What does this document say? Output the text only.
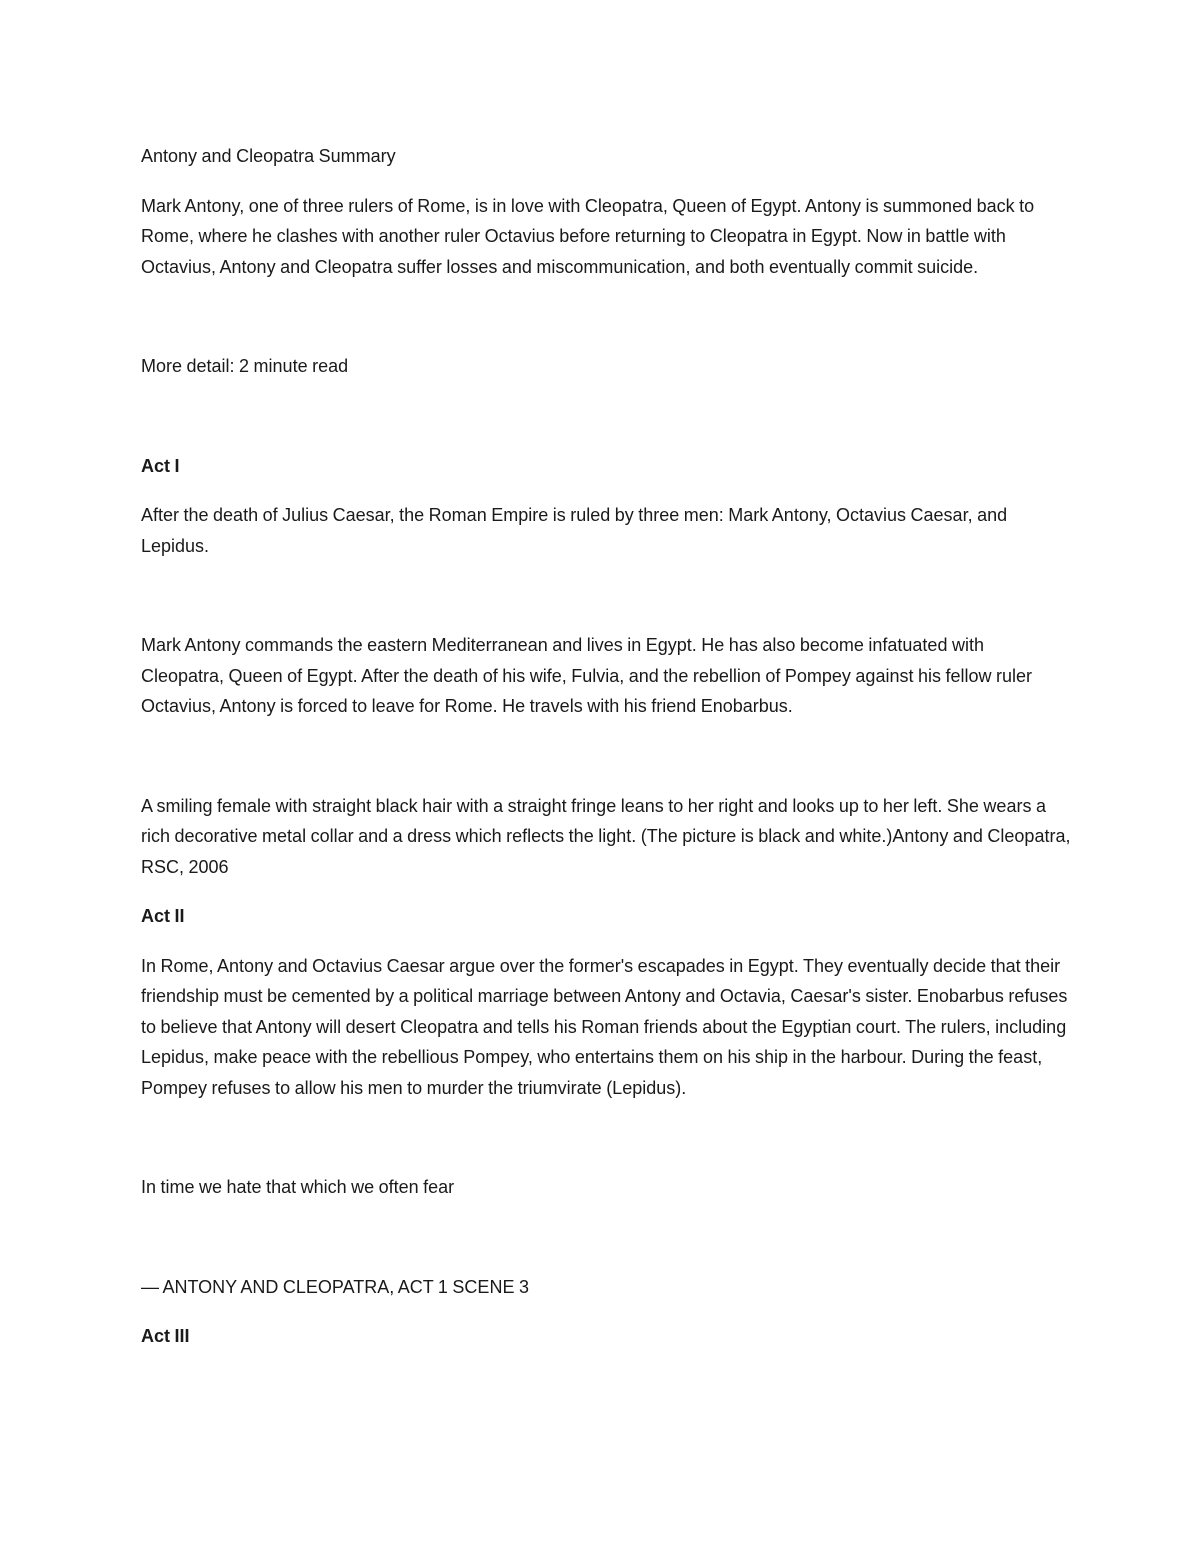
Antony and Cleopatra Summary

Mark Antony, one of three rulers of Rome, is in love with Cleopatra, Queen of Egypt. Antony is summoned back to Rome, where he clashes with another ruler Octavius before returning to Cleopatra in Egypt. Now in battle with Octavius, Antony and Cleopatra suffer losses and miscommunication, and both eventually commit suicide.

More detail: 2 minute read

Act I

After the death of Julius Caesar, the Roman Empire is ruled by three men: Mark Antony, Octavius Caesar, and Lepidus.

Mark Antony commands the eastern Mediterranean and lives in Egypt. He has also become infatuated with Cleopatra, Queen of Egypt. After the death of his wife, Fulvia, and the rebellion of Pompey against his fellow ruler Octavius, Antony is forced to leave for Rome. He travels with his friend Enobarbus.

A smiling female with straight black hair with a straight fringe leans to her right and looks up to her left. She wears a rich decorative metal collar and a dress which reflects the light. (The picture is black and white.)Antony and Cleopatra, RSC, 2006

Act II

In Rome, Antony and Octavius Caesar argue over the former's escapades in Egypt. They eventually decide that their friendship must be cemented by a political marriage between Antony and Octavia, Caesar's sister. Enobarbus refuses to believe that Antony will desert Cleopatra and tells his Roman friends about the Egyptian court. The rulers, including Lepidus, make peace with the rebellious Pompey, who entertains them on his ship in the harbour. During the feast, Pompey refuses to allow his men to murder the triumvirate (Lepidus).

In time we hate that which we often fear

— ANTONY AND CLEOPATRA, ACT 1 SCENE 3

Act III
